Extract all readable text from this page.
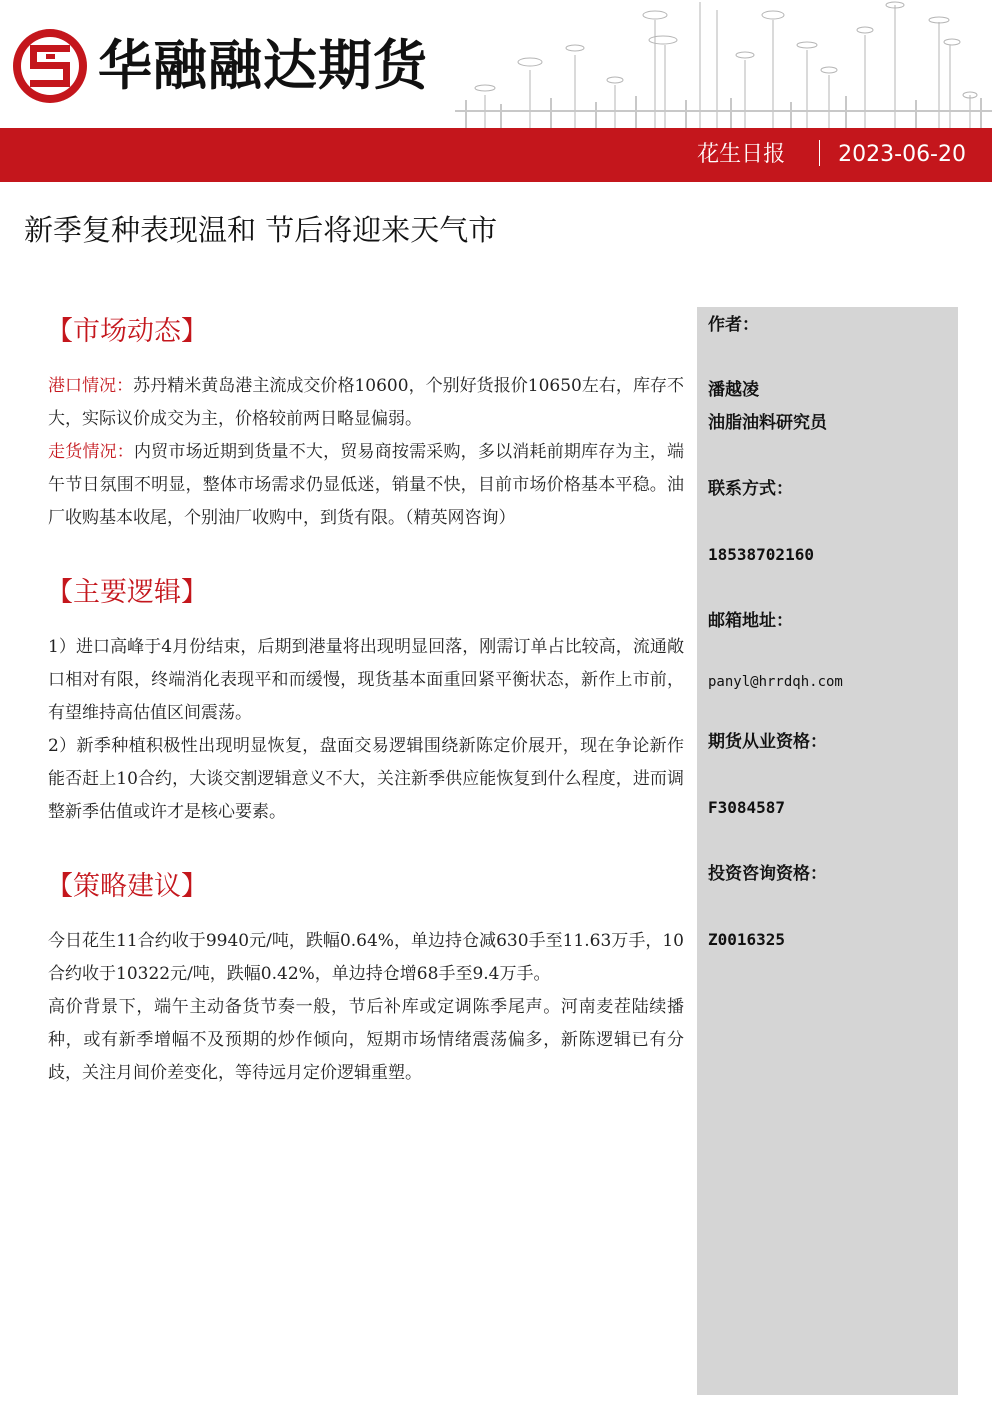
华融融达期货
花生日报 2023-06-20
新季复种表现温和 节后将迎来天气市
【市场动态】

港口情况：苏丹精米黄岛港主流成交价格10600，个别好货报价10650左右，库存不大，实际议价成交为主，价格较前两日略显偏弱。

走货情况：内贸市场近期到货量不大，贸易商按需采购，多以消耗前期库存为主，端午节日氛围不明显，整体市场需求仍显低迷，销量不快，目前市场价格基本平稳。油厂收购基本收尾，个别油厂收购中，到货有限。（精英网咨询）

【主要逻辑】

1）进口高峰于4月份结束，后期到港量将出现明显回落，刚需订单占比较高，流通敞口相对有限，终端消化表现平和而缓慢，现货基本面重回紧平衡状态，新作上市前，有望维持高估值区间震荡。

2）新季种植积极性出现明显恢复，盘面交易逻辑围绕新陈定价展开，现在争论新作能否赶上10合约，大谈交割逻辑意义不大，关注新季供应能恢复到什么程度，进而调整新季估值或许才是核心要素。

【策略建议】

今日花生11合约收于9940元/吨，跌幅0.64%，单边持仓减630手至11.63万手，10合约收于10322元/吨，跌幅0.42%，单边持仓增68手至9.4万手。

高价背景下，端午主动备货节奏一般，节后补库或定调陈季尾声。河南麦茬陆续播种，或有新季增幅不及预期的炒作倾向，短期市场情绪震荡偏多，新陈逻辑已有分歧，关注月间价差变化，等待远月定价逻辑重塑。

作者：
潘越凌
油脂油料研究员
联系方式：
18538702160
邮箱地址：
panyl@hrrdqh.com
期货从业资格：
F3084587
投资咨询资格：
Z0016325
